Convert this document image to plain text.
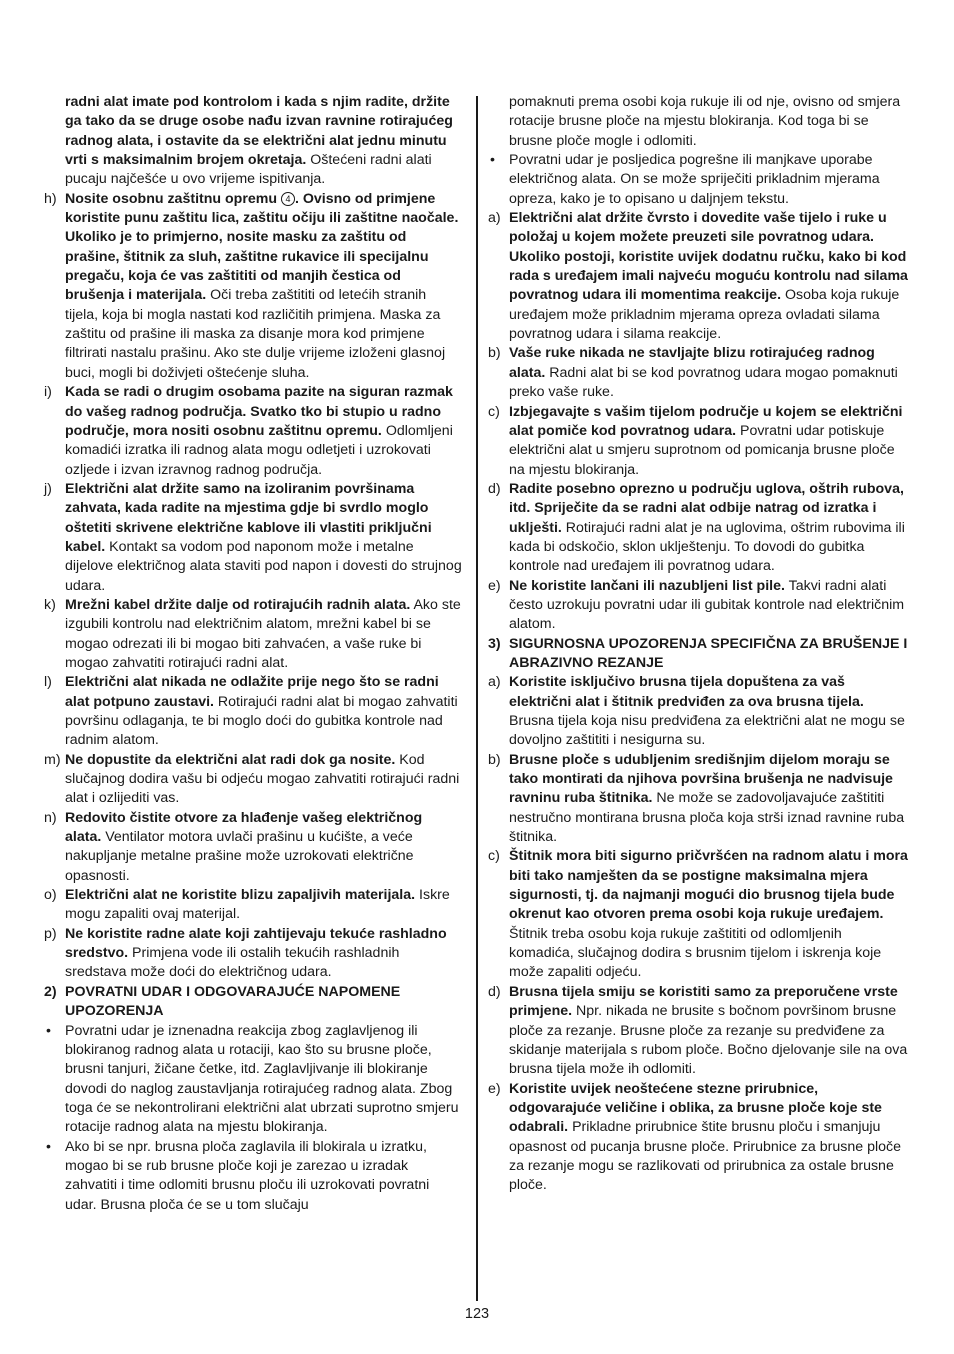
radni alat imate pod kontrolom i kada s njim radite, držite ga tako da se druge osobe nađu izvan ravnine rotirajućeg radnog alata, i ostavite da se električni alat jednu minutu vrti s maksimalnim brojem okretaja. Oštećeni radni alati pucaju najčešće u ovo vrijeme ispitivanja.

h) Nosite osobnu zaštitnu opremu 4 . Ovisno od primjene koristite punu zaštitu lica, zaštitu očiju ili zaštitne naočale. Ukoliko je to primjerno, nosite masku za zaštitu od prašine, štitnik za sluh, zaštitne rukavice ili specijalnu pregaču, koja će vas zaštititi od manjih čestica od brušenja i materijala. Oči treba zaštititi od letećih stranih tijela, koja bi mogla nastati kod različitih primjena. Maska za zaštitu od prašine ili maska za disanje mora kod primjene filtrirati nastalu prašinu. Ako ste dulje vrijeme izloženi glasnoj buci, mogli bi doživjeti oštećenje sluha.

i) Kada se radi o drugim osobama pazite na siguran razmak do vašeg radnog područja. Svatko tko bi stupio u radno područje, mora nositi osobnu zaštitnu opremu. Odlomljeni komadići izratka ili radnog alata mogu odletjeti i uzrokovati ozljede i izvan izravnog radnog područja.

j) Električni alat držite samo na izoliranim površinama zahvata, kada radite na mjestima gdje bi svrdlo moglo oštetiti skrivene električne kablove ili vlastiti priključni kabel. Kontakt sa vodom pod naponom može i metalne dijelove električnog alata staviti pod napon i dovesti do strujnog udara.

k) Mrežni kabel držite dalje od rotirajućih radnih alata. Ako ste izgubili kontrolu nad električnim alatom, mrežni kabel bi se mogao odrezati ili bi mogao biti zahvaćen, a vaše ruke bi mogao zahvatiti rotirajući radni alat.

l) Električni alat nikada ne odlažite prije nego što se radni alat potpuno zaustavi. Rotirajući radni alat bi mogao zahvatiti površinu odlaganja, te bi moglo doći do gubitka kontrole nad radnim alatom.

m) Ne dopustite da električni alat radi dok ga nosite. Kod slučajnog dodira vašu bi odjeću mogao zahvatiti rotirajući radni alat i ozlijediti vas.

n) Redovito čistite otvore za hlađenje vašeg električnog alata. Ventilator motora uvlači prašinu u kućište, a veće nakupljanje metalne prašine može uzrokovati električne opasnosti.

o) Električni alat ne koristite blizu zapaljivih materijala. Iskre mogu zapaliti ovaj materijal.

p) Ne koristite radne alate koji zahtijevaju tekuće rashladno sredstvo. Primjena vode ili ostalih tekućih rashladnih sredstava može doći do električnog udara.

2) POVRATNI UDAR I ODGOVARAJUĆE NAPOMENE UPOZORENJA

• Povratni udar je iznenadna reakcija zbog zaglavljenog ili blokiranog radnog alata u rotaciji, kao što su brusne ploče, brusni tanjuri, žičane četke, itd. Zaglavljivanje ili blokiranje dovodi do naglog zaustavljanja rotirajućeg radnog alata. Zbog toga će se nekontrolirani električni alat ubrzati suprotno smjeru rotacije radnog alata na mjestu blokiranja.

• Ako bi se npr. brusna ploča zaglavila ili blokirala u izratku, mogao bi se rub brusne ploče koji je zarezao u izradak zahvatiti i time odlomiti brusnu ploču ili uzrokovati povratni udar. Brusna ploča će se u tom slučaju

pomaknuti prema osobi koja rukuje ili od nje, ovisno od smjera rotacije brusne ploče na mjestu blokiranja. Kod toga bi se brusne ploče mogle i odlomiti.

• Povratni udar je posljedica pogrešne ili manjkave uporabe električnog alata. On se može spriječiti prikladnim mjerama opreza, kako je to opisano u daljnjem tekstu.

a) Električni alat držite čvrsto i dovedite vaše tijelo i ruke u položaj u kojem možete preuzeti sile povratnog udara. Ukoliko postoji, koristite uvijek dodatnu ručku, kako bi kod rada s uređajem imali najveću moguću kontrolu nad silama povratnog udara ili momentima reakcije. Osoba koja rukuje uređajem može prikladnim mjerama opreza ovladati silama povratnog udara i silama reakcije.

b) Vaše ruke nikada ne stavljajte blizu rotirajućeg radnog alata. Radni alat bi se kod povratnog udara mogao pomaknuti preko vaše ruke.

c) Izbjegavajte s vašim tijelom područje u kojem se električni alat pomiče kod povratnog udara. Povratni udar potiskuje električni alat u smjeru suprotnom od pomicanja brusne ploče na mjestu blokiranja.

d) Radite posebno oprezno u području uglova, oštrih rubova, itd. Spriječite da se radni alat odbije natrag od izratka i uklješti. Rotirajući radni alat je na uglovima, oštrim rubovima ili kada bi odskočio, sklon uklještenju. To dovodi do gubitka kontrole nad uređajem ili povratnog udara.

e) Ne koristite lančani ili nazubljeni list pile. Takvi radni alati često uzrokuju povratni udar ili gubitak kontrole nad električnim alatom.

3) SIGURNOSNA UPOZORENJA SPECIFIČNA ZA BRUŠENJE I ABRAZIVNO REZANJE

a) Koristite isključivo brusna tijela dopuštena za vaš električni alat i štitnik predviđen za ova brusna tijela. Brusna tijela koja nisu predviđena za električni alat ne mogu se dovoljno zaštititi i nesigurna su.

b) Brusne ploče s udubljenim središnjim dijelom moraju se tako montirati da njihova površina brušenja ne nadvisuje ravninu ruba štitnika. Ne može se zadovoljavajuće zaštititi nestručno montirana brusna ploča koja strši iznad ravnine ruba štitnika.

c) Štitnik mora biti sigurno pričvršćen na radnom alatu i mora biti tako namješten da se postigne maksimalna mjera sigurnosti, tj. da najmanji mogući dio brusnog tijela bude okrenut kao otvoren prema osobi koja rukuje uređajem. Štitnik treba osobu koja rukuje zaštititi od odlomljenih komadića, slučajnog dodira s brusnim tijelom i iskrenja koje može zapaliti odjeću.

d) Brusna tijela smiju se koristiti samo za preporučene vrste primjene. Npr. nikada ne brusite s bočnom površinom brusne ploče za rezanje. Brusne ploče za rezanje su predviđene za skidanje materijala s rubom ploče. Bočno djelovanje sile na ova brusna tijela može ih odlomiti.

e) Koristite uvijek neoštećene stezne prirubnice, odgovarajuće veličine i oblika, za brusne ploče koje ste odabrali. Prikladne prirubnice štite brusnu ploču i smanjuju opasnost od pucanja brusne ploče. Prirubnice za brusne ploče za rezanje mogu se razlikovati od prirubnica za ostale brusne ploče.

123
